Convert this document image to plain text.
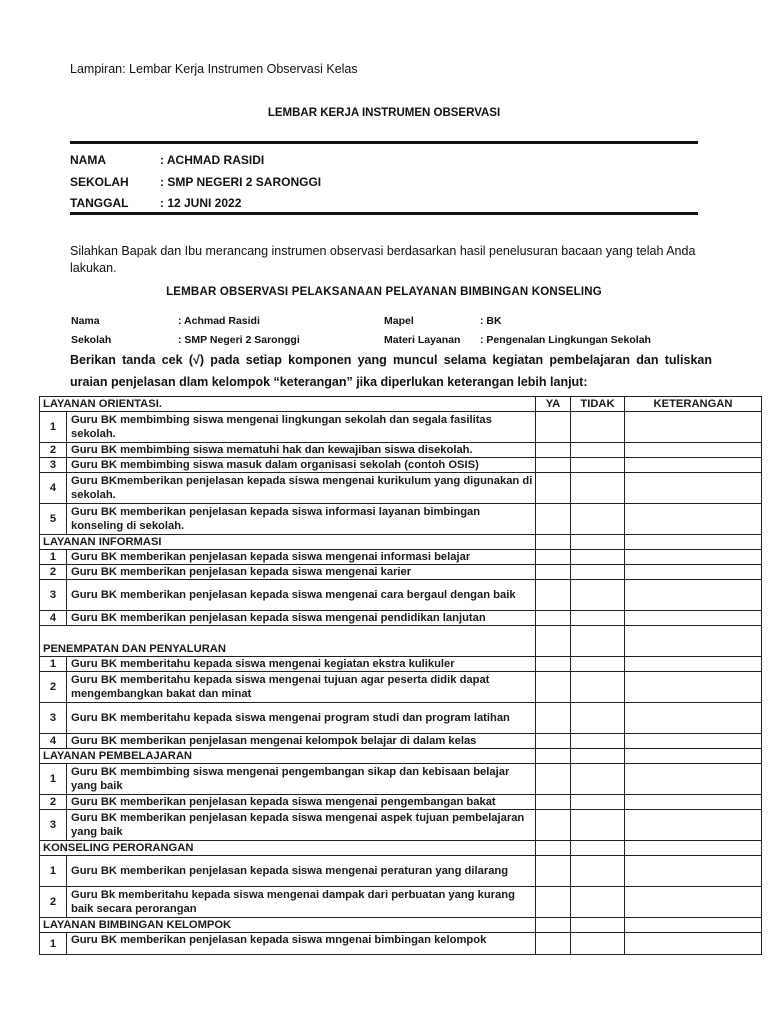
Lampiran: Lembar Kerja Instrumen Observasi Kelas
LEMBAR KERJA INSTRUMEN OBSERVASI
NAMA	: ACHMAD RASIDI
SEKOLAH	: SMP NEGERI 2 SARONGGI
TANGGAL	: 12 JUNI 2022
Silahkan Bapak dan Ibu merancang instrumen observasi berdasarkan hasil penelusuran bacaan yang telah Anda lakukan.
LEMBAR OBSERVASI PELAKSANAAN PELAYANAN BIMBINGAN KONSELING
Nama	: Achmad Rasidi	Mapel	: BK
Sekolah	: SMP Negeri 2 Saronggi	Materi Layanan : Pengenalan Lingkungan Sekolah
Berikan tanda cek (√) pada setiap komponen yang muncul selama kegiatan pembelajaran dan tuliskan
uraian penjelasan dlam kelompok “keterangan” jika diperlukan keterangan lebih lanjut:
LAYANAN ORIENTASI.		YA	TIDAK	KETERANGAN
1	Guru BK membimbing siswa mengenai lingkungan sekolah dan segala fasilitas sekolah.			
2	Guru BK membimbing siswa mematuhi hak dan kewajiban siswa disekolah.			
3	Guru BK membimbing siswa masuk dalam organisasi sekolah (contoh OSIS)			
4	Guru BKmemberikan penjelasan kepada siswa mengenai kurikulum yang digunakan di sekolah.			
5	Guru BK memberikan penjelasan kepada siswa informasi layanan bimbingan konseling di sekolah.			
LAYANAN INFORMASI				
1	Guru BK memberikan penjelasan kepada siswa mengenai informasi belajar			
2	Guru BK memberikan penjelasan kepada siswa mengenai karier			
3	Guru BK memberikan penjelasan kepada siswa mengenai cara bergaul dengan baik			
4	Guru BK memberikan penjelasan kepada siswa mengenai pendidikan lanjutan			
PENEMPATAN DAN PENYALURAN				
1	Guru BK memberitahu kepada siswa mengenai kegiatan ekstra kulikuler			
2	Guru BK memberitahu kepada siswa mengenai tujuan agar peserta didik dapat mengembangkan bakat dan minat			
3	Guru BK memberitahu kepada siswa mengenai program studi dan program latihan			
4	Guru BK memberikan penjelasan mengenai kelompok belajar di dalam kelas			
LAYANAN PEMBELAJARAN				
1	Guru BK membimbing siswa mengenai pengembangan sikap dan kebisaan belajar yang baik			
2	Guru BK memberikan penjelasan kepada siswa mengenai pengembangan bakat			
3	Guru BK memberikan penjelasan kepada siswa mengenai aspek tujuan pembelajaran yang baik			
KONSELING PERORANGAN				
1	Guru BK memberikan penjelasan kepada siswa mengenai peraturan yang dilarang			
2	Guru Bk memberitahu kepada siswa mengenai dampak dari perbuatan yang kurang baik secara perorangan			
LAYANAN BIMBINGAN KELOMPOK				
1	Guru BK memberikan penjelasan kepada siswa mngenai bimbingan kelompok			
